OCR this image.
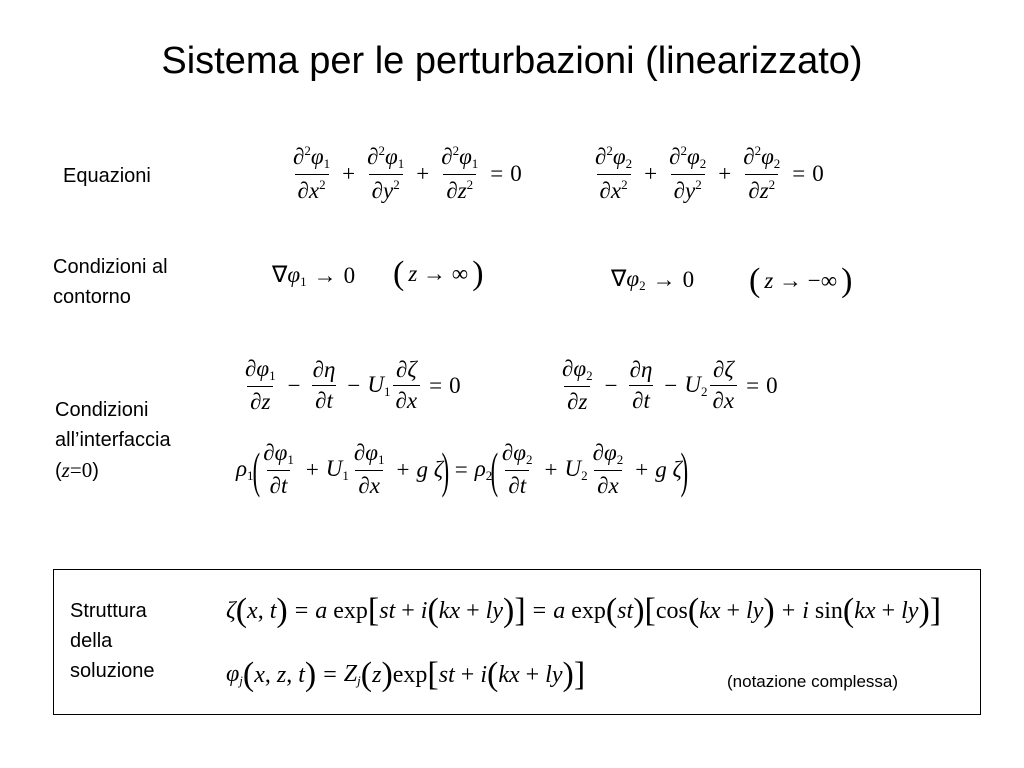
Sistema per le perturbazioni (linearizzato)
Equazioni
Condizioni al
contorno
Condizioni
all’interfaccia
(z=0)
$\frac{\partial^2\varphi_1}{\partial x^2} + \frac{\partial^2\varphi_1}{\partial y^2} + \frac{\partial^2\varphi_1}{\partial z^2} = 0$	$\frac{\partial^2\varphi_2}{\partial x^2} + \frac{\partial^2\varphi_2}{\partial y^2} + \frac{\partial^2\varphi_2}{\partial z^2} = 0$
$\nabla\varphi_1 \to 0$ ( z → ∞ )	$\nabla\varphi_2 \to 0$ ( z → −∞ )
$\frac{\partial\varphi_1}{\partial z} - \frac{\partial\eta}{\partial t} - U_1 \frac{\partial\zeta}{\partial x} = 0$	$\frac{\partial\varphi_2}{\partial z} - \frac{\partial\eta}{\partial t} - U_2 \frac{\partial\zeta}{\partial x} = 0$
$\rho_1$
( $\frac{\partial\varphi_1}{\partial t} + U_1 \frac{\partial\varphi_1}{\partial x} + g$ ζ
) = $\rho_2$
( $\frac{\partial\varphi_2}{\partial t} + U_2 \frac{\partial\varphi_2}{\partial x} + g$ ζ
)
Struttura
della
soluzione
ζ ( x, t ) = a exp [ st + i ( kx + ly ) ] = a exp ( st ) [ cos ( kx + ly ) + i sin ( kx + ly ) ]
$\varphi_j$ ( x, z, t ) = $Z_j$ ( z ) exp [ st + i ( kx + ly ) ]	(notazione complessa)
